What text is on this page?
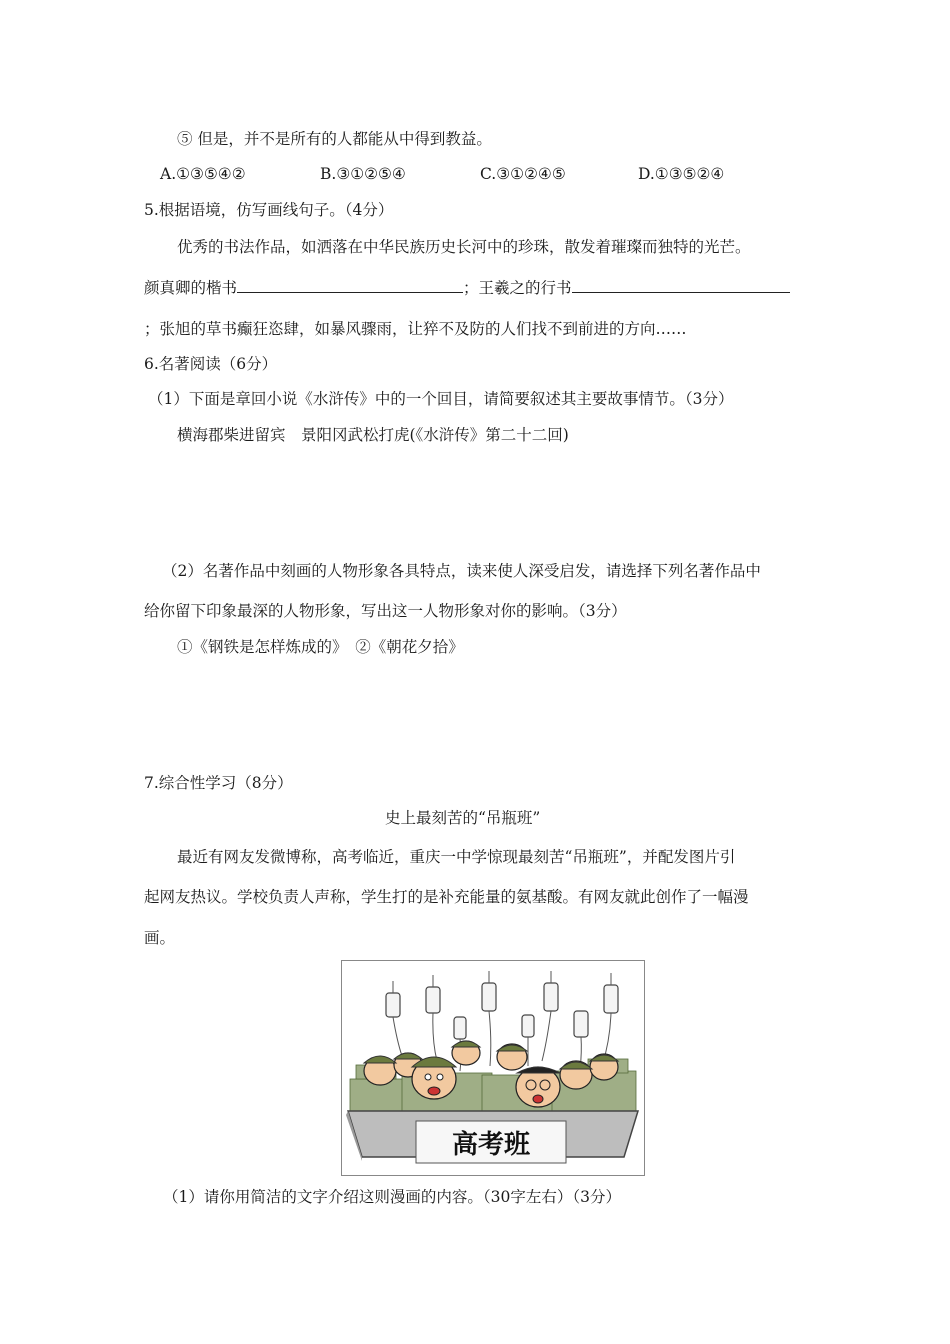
⑤ 但是，并不是所有的人都能从中得到教益。
A.①③⑤④②	B.③①②⑤④	C.③①②④⑤	D.①③⑤②④
5.根据语境，仿写画线句子。（4分）
优秀的书法作品，如洒落在中华民族历史长河中的珍珠，散发着璀璨而独特的光芒。
颜真卿的楷书	；王羲之的行书
；张旭的草书癫狂恣肆，如暴风骤雨，让猝不及防的人们找不到前进的方向……
6.名著阅读（6分）
（1）下面是章回小说《水浒传》中的一个回目，请简要叙述其主要故事情节。（3分）
横海郡柴进留宾　景阳冈武松打虎(《水浒传》第二十二回)
（2）名著作品中刻画的人物形象各具特点，读来使人深受启发，请选择下列名著作品中
给你留下印象最深的人物形象，写出这一人物形象对你的影响。（3分）
①《钢铁是怎样炼成的》　②《朝花夕拾》
7.综合性学习（8分）
史上最刻苦的“吊瓶班”
最近有网友发微博称，高考临近，重庆一中学惊现最刻苦“吊瓶班”，并配发图片引
起网友热议。学校负责人声称，学生打的是补充能量的氨基酸。有网友就此创作了一幅漫
画。
高考班
（1）请你用简洁的文字介绍这则漫画的内容。（30字左右）（3分）
